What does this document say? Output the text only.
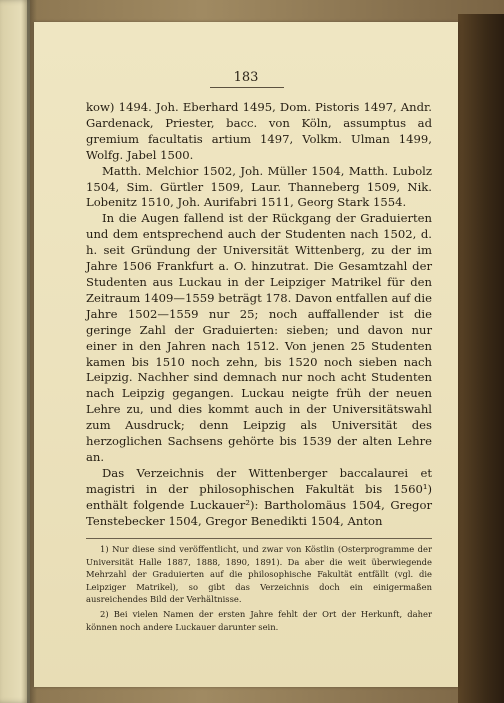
183

kow) 1494. Joh. Eberhard 1495, Dom. Pistoris 1497, Andr. Gardenack, Priester, bacc. von Köln, assumptus ad gremium facultatis artium 1497, Volkm. Ulman 1499, Wolfg. Jabel 1500.

Matth. Melchior 1502, Joh. Müller 1504, Matth. Lubolz 1504, Sim. Gürtler 1509, Laur. Thanneberg 1509, Nik. Lobenitz 1510, Joh. Aurifabri 1511, Georg Stark 1554.

In die Augen fallend ist der Rückgang der Graduierten und dem entsprechend auch der Studenten nach 1502, d. h. seit Gründung der Universität Wittenberg, zu der im Jahre 1506 Frankfurt a. O. hinzutrat. Die Gesamtzahl der Studenten aus Luckau in der Leipziger Matrikel für den Zeitraum 1409—1559 beträgt 178. Davon entfallen auf die Jahre 1502—1559 nur 25; noch auffallender ist die geringe Zahl der Graduierten: sieben; und davon nur einer in den Jahren nach 1512. Von jenen 25 Studenten kamen bis 1510 noch zehn, bis 1520 noch sieben nach Leipzig. Nachher sind demnach nur noch acht Studenten nach Leipzig gegangen. Luckau neigte früh der neuen Lehre zu, und dies kommt auch in der Universitätswahl zum Ausdruck; denn Leipzig als Universität des herzoglichen Sachsens gehörte bis 1539 der alten Lehre an.

Das Verzeichnis der Wittenberger baccalaurei et magistri in der philosophischen Fakultät bis 1560¹) enthält folgende Luckauer²): Bartholomäus 1504, Gregor Tenstebecker 1504, Gregor Benedikti 1504, Anton

1) Nur diese sind veröffentlicht, und zwar von Köstlin (Osterprogramme der Universität Halle 1887, 1888, 1890, 1891). Da aber die weit überwiegende Mehrzahl der Graduierten auf die philosophische Fakultät entfällt (vgl. die Leipziger Matrikel), so gibt das Verzeichnis doch ein einigermaßen ausreichendes Bild der Verhältnisse.

2) Bei vielen Namen der ersten Jahre fehlt der Ort der Herkunft, daher können noch andere Luckauer darunter sein.
